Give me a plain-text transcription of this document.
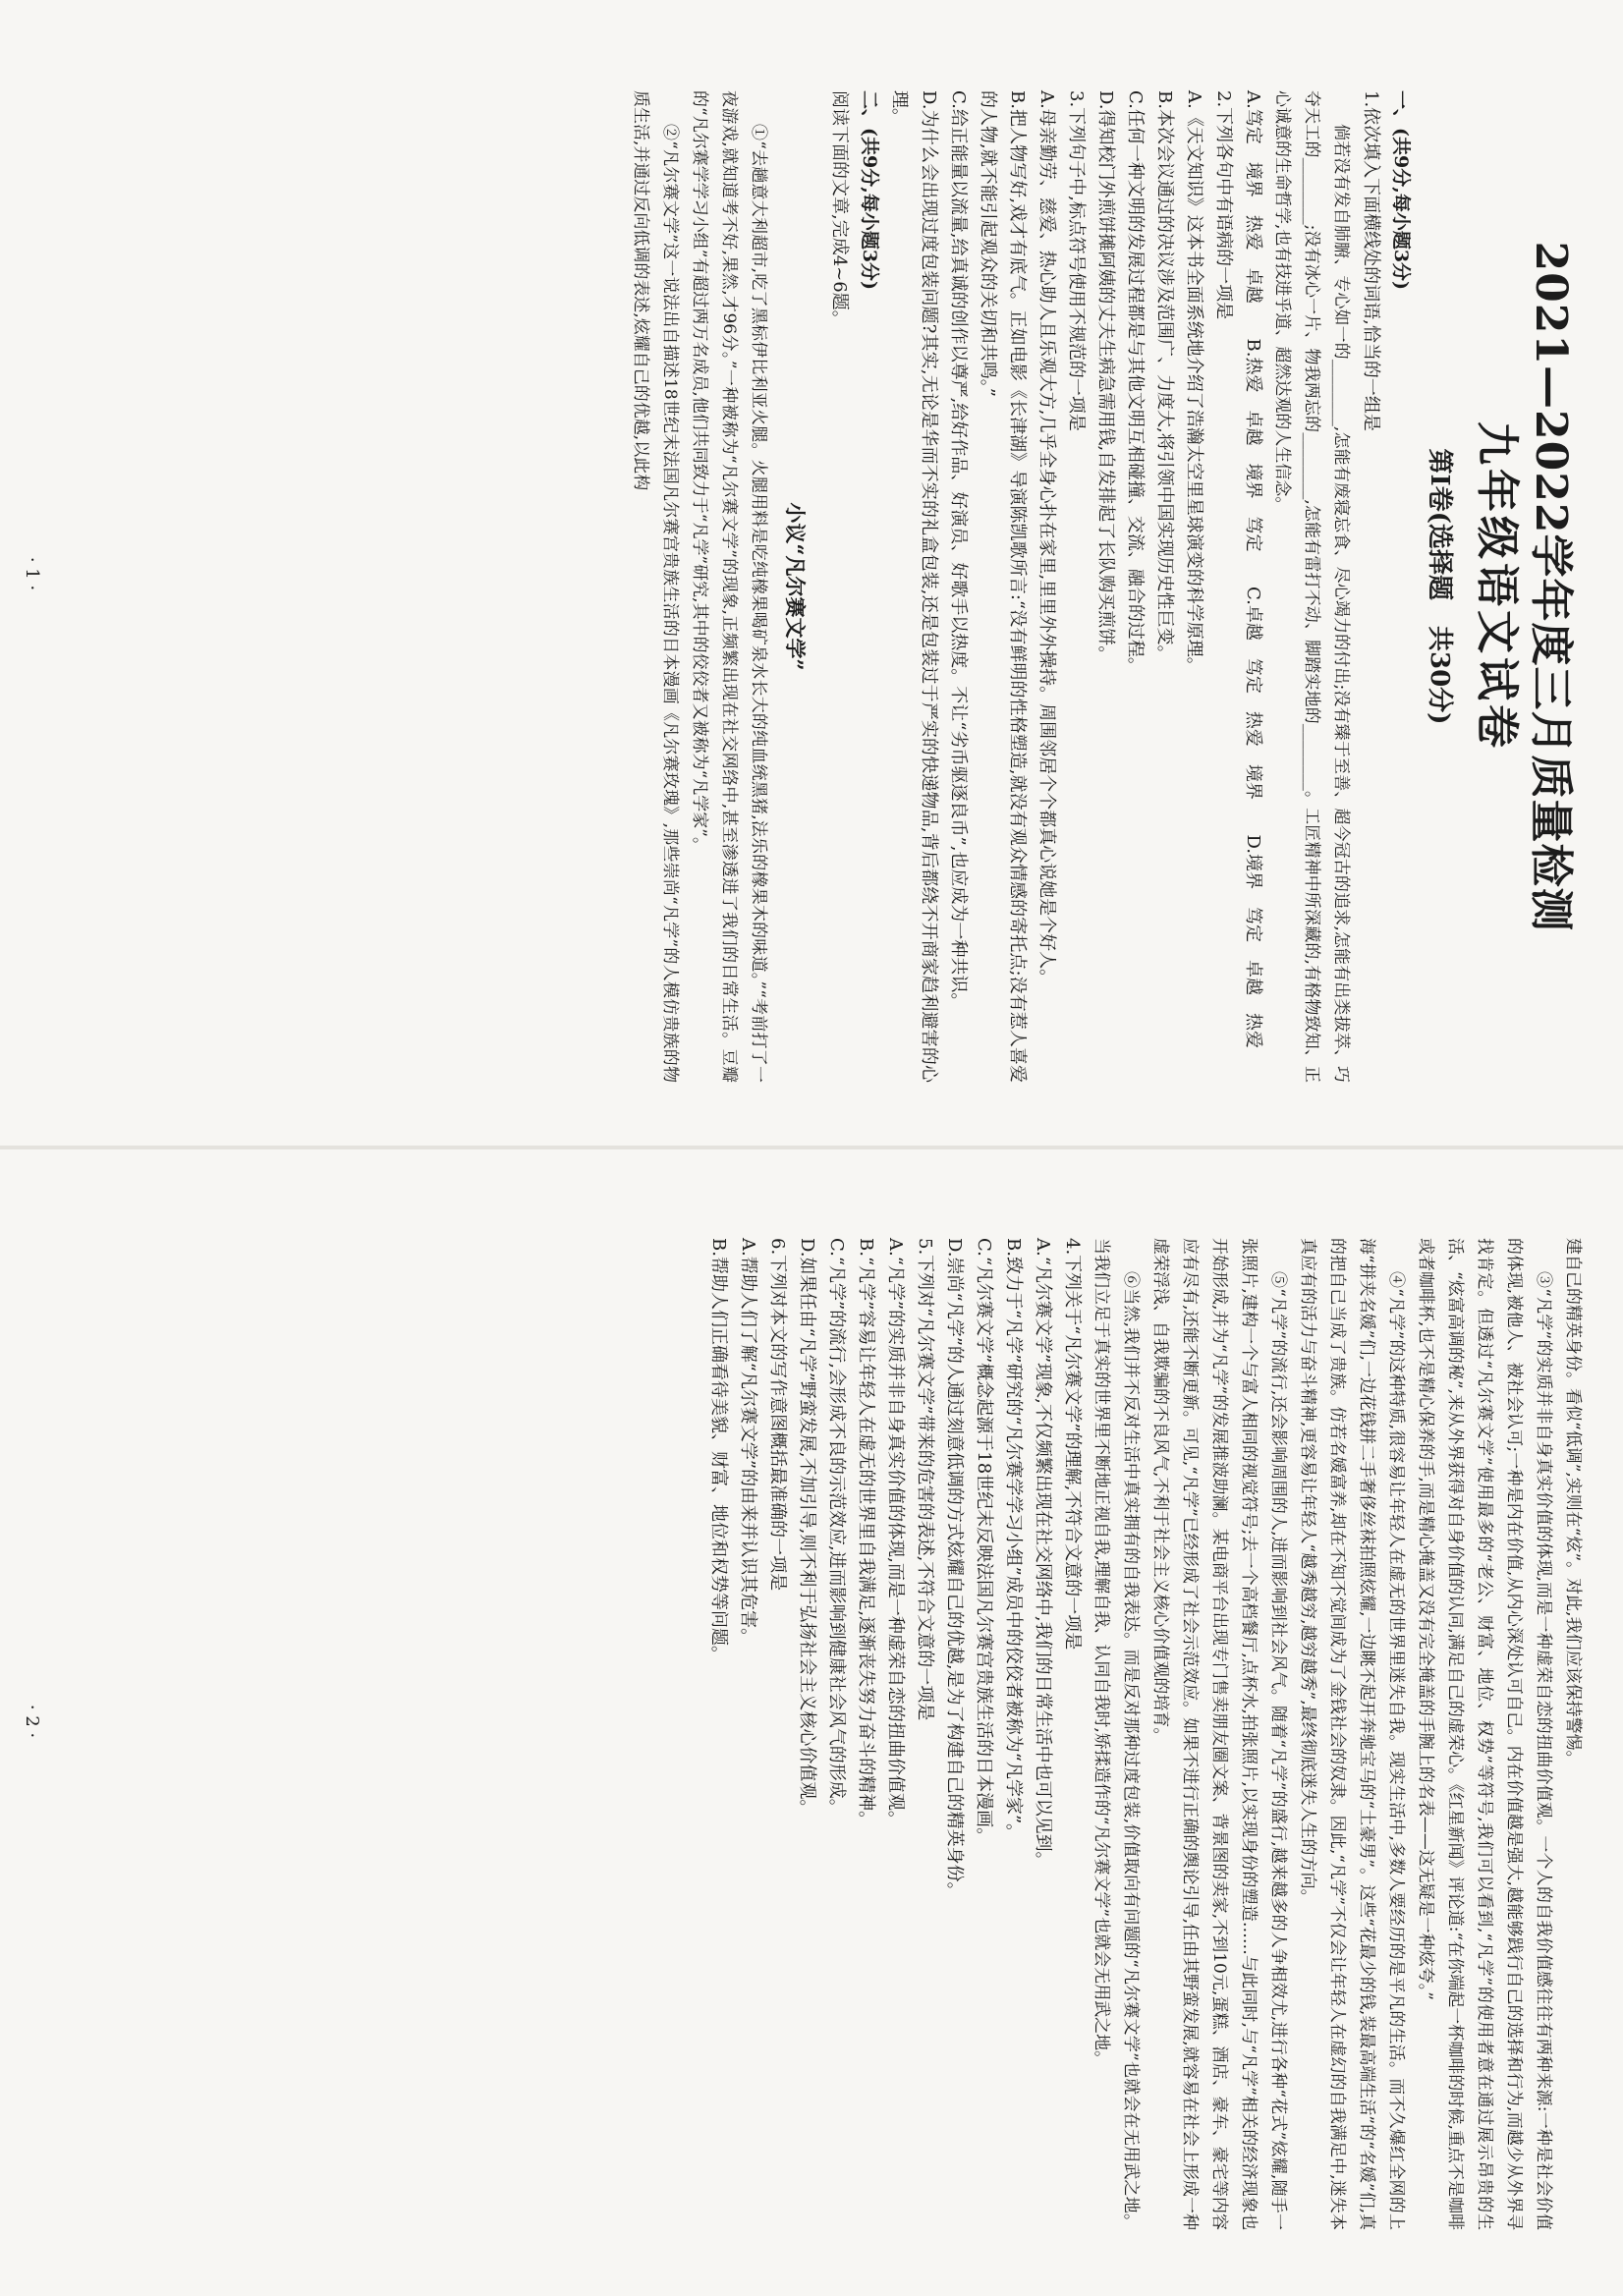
2021—2022学年度三月质量检测
九年级语文试卷
第Ⅰ卷(选择题　共30分)
一、(共9分,每小题3分)
1.依次填入下面横线处的词语,恰当的一组是
倘若没有发自肺腑、专心如一的________,怎能有废寝忘食、尽心竭力的付出;没有臻于至善、超今冠古的追求,怎能有出类拔萃、巧夺天工的________;没有冰心一片、物我两忘的________,怎能有雷打不动、脚踏实地的________。工匠精神中所深藏的,有格物致知、正心诚意的生命哲学,也有技进乎道、超然达观的人生信念。
A.笃定　境界　热爱　卓越
B.热爱　卓越　境界　笃定
C.卓越　笃定　热爱　境界
D.境界　笃定　卓越　热爱
2.下列各句中有语病的一项是
A.《天文知识》这本书全面系统地介绍了浩瀚太空里星球演变的科学原理。
B.本次会议通过的决议涉及范围广、力度大,将引领中国实现历史性巨变。
C.任何一种文明的发展过程都是与其他文明互相碰撞、交流、融合的过程。
D.得知校门外煎饼摊阿姨的丈夫生病急需用钱,自发排起了长队购买煎饼。
3.下列句子中,标点符号使用不规范的一项是
A.母亲勤劳、慈爱、热心助人且乐观大方,几乎全身心扑在家里,里里外外操持。周围邻居个个都真心说她是个好人。
B.把人物写好,戏才有底气。正如电影《长津湖》导演陈凯歌所言:“没有鲜明的性格塑造,就没有观众情感的寄托点;没有惹人喜爱的人物,就不能引起观众的关切和共鸣。”
C.给正能量以流量,给真诚的创作以尊严,给好作品、好演员、好歌手以热度。不让“劣币驱逐良币”,也应成为一种共识。
D.为什么会出现过度包装问题?其实,无论是华而不实的礼盒包装,还是包装过于严实的快递物品,背后都绕不开商家趋利避害的心理。
二、(共9分,每小题3分)
阅读下面的文章,完成4~6题。
小议“凡尔赛文学”
①“去趟意大利超市,吃了黑标伊比利亚火腿。火腿用料是吃纯橡果喝矿泉水长大的纯血统黑猪,法乐的橡果木的味道。”“考前打了一夜游戏,就知道考不好,果然,才96分。”一种被称为“凡尔赛文学”的现象,正频繁出现在社交网络中,甚至渗透进了我们的日常生活。豆瓣的“凡尔赛学学习小组”有超过两万名成员,他们共同致力于“凡学”研究,其中的佼佼者又被称为“凡学家”。
②“凡尔赛文学”这一说法出自描述18世纪末法国凡尔赛宫贵族生活的日本漫画《凡尔赛玫瑰》,那些崇尚“凡学”的人模仿贵族的物质生活,并通过反向低调的表述,炫耀自己的优越,以此构
· 1 ·
建自己的精英身份。看似“低调”,实则在“炫”。对此,我们应该保持警惕。
③“凡学”的实质并非自身真实价值的体现,而是一种虚荣自恋的扭曲价值观。一个人的自我价值感往往有两种来源:一种是社会价值的体现,被他人、被社会认可;一种是内在价值,从内心深处认可自己。内在价值越是强大,越能够践行自己的选择和行为,而越少从外界寻找肯定。但透过“凡尔赛文学”使用最多的“老公、财富、地位、权势”等符号,我们可以看到,“凡学”的使用者意在通过展示昂贵的生活、“炫富高调的秘”,来从外界获得对自身价值的认同,满足自己的虚荣心。《红星新闻》评论道:“在你端起一杯咖啡的时候,重点不是咖啡或者咖啡杯,也不是精心保养的手,而是精心掩盖又没有完全掩盖的手腕上的名表——这无疑是一种炫夸。”
④“凡学”的这种特质,很容易让年轻人在虚无的世界里迷失自我。现实生活中,多数人要经历的是平凡的生活。而不久爆红全网的上海“拼夹名媛”们,一边花钱拼二手奢侈丝袜拍照炫耀,一边眺不起开奔驰宝马的“土豪男”。这些“花最少的钱,装最高端生活”的“名媛”们,真的把自己当成了贵族。仿若名媛富养,却在不知不觉间成为了金钱社会的奴隶。因此,“凡学”不仅会让年轻人在虚幻的自我满足中,迷失本真应有的活力与奋斗精神,更容易让年轻人“越秀越穷,越穷越秀”,最终彻底迷失人生的方向。
⑤“凡学”的流行,还会影响周围的人,进而影响到社会风气。随着“凡学”的盛行,越来越多的人争相效尤,进行各种“花式”炫耀,随手一张照片,建构一个与富人相同的视觉符号;去一个高档餐厅,点杯水,拍张照片,以实现身份的塑造……与此同时,与“凡学”相关的经济现象也开始形成,并为“凡学”的发展推波助澜。某电商平台出现专门售卖朋友圈文案、背景图的卖家,不到10元,蛋糕、酒店、豪车、豪宅等内容应有尽有,还能不断更新。可见,“凡学”已经形成了社会示范效应。如果不进行正确的舆论引导,任由其野蛮发展,就容易在社会上形成一种虚荣浮浅、自我欺骗的不良风气,不利于社会主义核心价值观的培育。
⑥当然,我们并不反对生活中真实拥有的自我表达。而是反对那种过度包装,价值取向有问题的“凡尔赛文学”也就会在无用武之地。当我们立足于真实的世界里不断地正视自我,理解自我、认同自我时,矫揉造作的“凡尔赛文学”也就会无用武之地。
4.下列关于“凡尔赛文学”的理解,不符合文意的一项是
A.“凡尔赛文学”现象,不仅频繁出现在社交网络中,我们的日常生活中也可以见到。
B.致力于“凡学”研究的“凡尔赛学学习小组”成员中的佼佼者被称为“凡学家”。
C.“凡尔赛文学”概念起源于18世纪末反映法国凡尔赛宫贵族生活的日本漫画。
D.崇尚“凡学”的人通过刻意低调的方式炫耀自己的优越,是为了构建自己的精英身份。
5.下列对“凡尔赛文学”带来的危害的表述,不符合文意的一项是
A.“凡学”的实质并非自身真实价值的体现,而是一种虚荣自恋的扭曲价值观。
B.“凡学”容易让年轻人在虚无的世界里自我满足,逐渐丧失努力奋斗的精神。
C.“凡学”的流行,会形成不良的示范效应,进而影响到健康社会风气的形成。
D.如果任由“凡学”野蛮发展,不加引导,则不利于弘扬社会主义核心价值观。
6.下列对本文的写作意图概括最准确的一项是
A.帮助人们了解“凡尔赛文学”的由来并认识其危害。
B.帮助人们正确看待美貌、财富、地位和权势等问题。
· 2 ·
